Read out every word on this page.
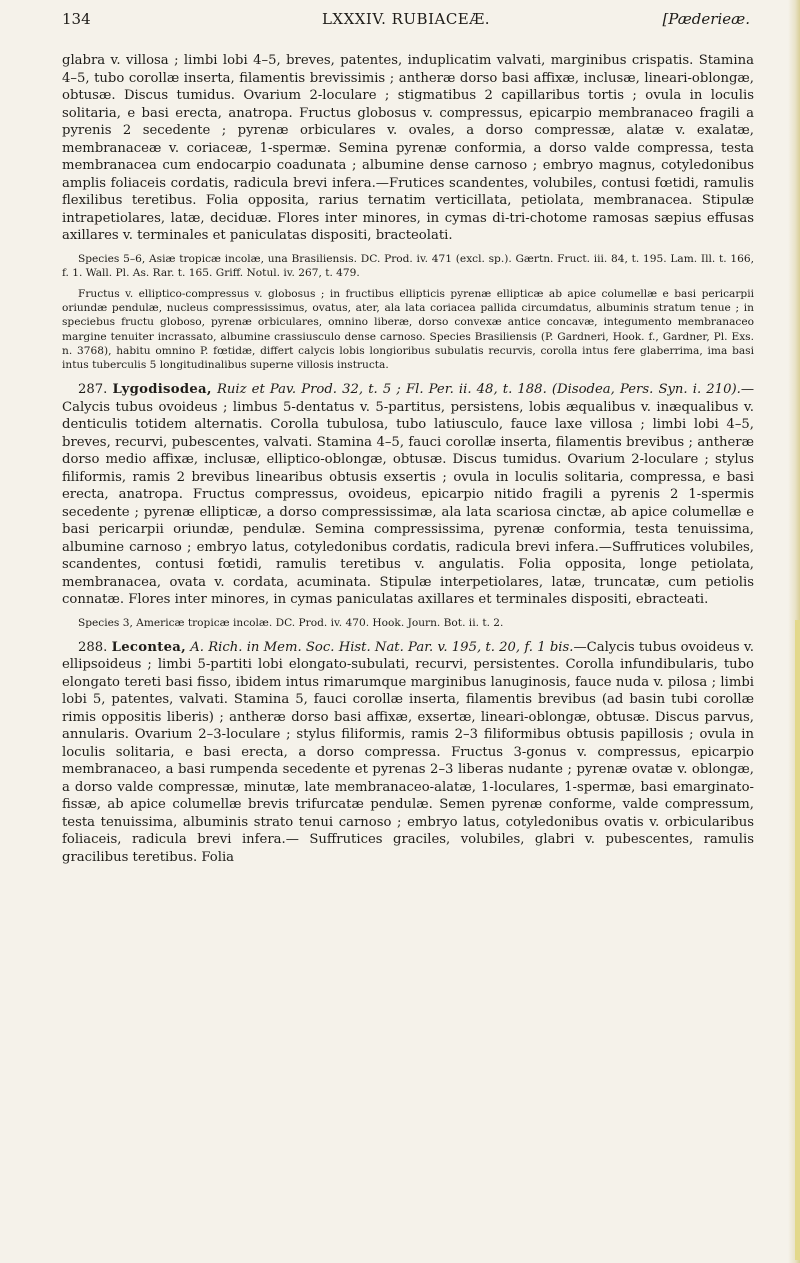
134	LXXXIV. RUBIACEÆ.	[Pæderieæ.

glabra v. villosa ; limbi lobi 4–5, breves, patentes, induplicatim valvati, marginibus crispatis. Stamina 4–5, tubo corollæ inserta, filamentis brevissimis ; antheræ dorso basi affixæ, inclusæ, lineari-oblongæ, obtusæ. Discus tumidus. Ovarium 2-loculare ; stigmatibus 2 capillaribus tortis ; ovula in loculis solitaria, e basi erecta, anatropa. Fructus globosus v. compressus, epicarpio membranaceo fragili a pyrenis 2 secedente ; pyrenæ orbiculares v. ovales, a dorso compressæ, alatæ v. exalatæ, membranaceæ v. coriaceæ, 1-spermæ. Semina pyrenæ conformia, a dorso valde compressa, testa membranacea cum endocarpio coadunata ; albumine dense carnoso ; embryo magnus, cotyledonibus amplis foliaceis cordatis, radicula brevi infera.—Frutices scandentes, volubiles, contusi fœtidi, ramulis flexilibus teretibus. Folia opposita, rarius ternatim verticillata, petiolata, membranacea. Stipulæ intrapetiolares, latæ, deciduæ. Flores inter minores, in cymas di-tri-chotome ramosas sæpius effusas axillares v. terminales et paniculatas dispositi, bracteolati.

Species 5–6, Asiæ tropicæ incolæ, una Brasiliensis. DC. Prod. iv. 471 (excl. sp.). Gærtn. Fruct. iii. 84, t. 195. Lam. Ill. t. 166, f. 1. Wall. Pl. As. Rar. t. 165. Griff. Notul. iv. 267, t. 479.

Fructus v. elliptico-compressus v. globosus ; in fructibus ellipticis pyrenæ ellipticæ ab apice columellæ e basi pericarpii oriundæ pendulæ, nucleus compressissimus, ovatus, ater, ala lata coriacea pallida circumdatus, albuminis stratum tenue ; in speciebus fructu globoso, pyrenæ orbiculares, omnino liberæ, dorso convexæ antice concavæ, integumento membranaceo margine tenuiter incrassato, albumine crassiusculo dense carnoso. Species Brasiliensis (P. Gardneri, Hook. f., Gardner, Pl. Exs. n. 3768), habitu omnino P. fœtidæ, differt calycis lobis longioribus subulatis recurvis, corolla intus fere glaberrima, ima basi intus tuberculis 5 longitudinalibus superne villosis instructa.

287. Lygodisodea, Ruiz et Pav. Prod. 32, t. 5 ; Fl. Per. ii. 48, t. 188. (Disodea, Pers. Syn. i. 210).—Calycis tubus ovoideus ; limbus 5-dentatus v. 5-partitus, persistens, lobis æqualibus v. inæqualibus v. denticulis totidem alternatis. Corolla tubulosa, tubo latiusculo, fauce laxe villosa ; limbi lobi 4–5, breves, recurvi, pubescentes, valvati. Stamina 4–5, fauci corollæ inserta, filamentis brevibus ; antheræ dorso medio affixæ, inclusæ, elliptico-oblongæ, obtusæ. Discus tumidus. Ovarium 2-loculare ; stylus filiformis, ramis 2 brevibus linearibus obtusis exsertis ; ovula in loculis solitaria, compressa, e basi erecta, anatropa. Fructus compressus, ovoideus, epicarpio nitido fragili a pyrenis 2 1-spermis secedente ; pyrenæ ellipticæ, a dorso compressissimæ, ala lata scariosa cinctæ, ab apice columellæ e basi pericarpii oriundæ, pendulæ. Semina compressissima, pyrenæ conformia, testa tenuissima, albumine carnoso ; embryo latus, cotyledonibus cordatis, radicula brevi infera.—Suffrutices volubiles, scandentes, contusi fœtidi, ramulis teretibus v. angulatis. Folia opposita, longe petiolata, membranacea, ovata v. cordata, acuminata. Stipulæ interpetiolares, latæ, truncatæ, cum petiolis connatæ. Flores inter minores, in cymas paniculatas axillares et terminales dispositi, ebracteati.

Species 3, Americæ tropicæ incolæ. DC. Prod. iv. 470. Hook. Journ. Bot. ii. t. 2.

288. Lecontea, A. Rich. in Mem. Soc. Hist. Nat. Par. v. 195, t. 20, f. 1 bis.—Calycis tubus ovoideus v. ellipsoideus ; limbi 5-partiti lobi elongato-subulati, recurvi, persistentes. Corolla infundibularis, tubo elongato tereti basi fisso, ibidem intus rimarumque marginibus lanuginosis, fauce nuda v. pilosa ; limbi lobi 5, patentes, valvati. Stamina 5, fauci corollæ inserta, filamentis brevibus (ad basin tubi corollæ rimis oppositis liberis) ; antheræ dorso basi affixæ, exsertæ, lineari-oblongæ, obtusæ. Discus parvus, annularis. Ovarium 2–3-loculare ; stylus filiformis, ramis 2–3 filiformibus obtusis papillosis ; ovula in loculis solitaria, e basi erecta, a dorso compressa. Fructus 3-gonus v. compressus, epicarpio membranaceo, a basi rumpenda secedente et pyrenas 2–3 liberas nudante ; pyrenæ ovatæ v. oblongæ, a dorso valde compressæ, minutæ, late membranaceo-alatæ, 1-loculares, 1-spermæ, basi emarginato-fissæ, ab apice columellæ brevis trifurcatæ pendulæ. Semen pyrenæ conforme, valde compressum, testa tenuissima, albuminis strato tenui carnoso ; embryo latus, cotyledonibus ovatis v. orbicularibus foliaceis, radicula brevi infera.— Suffrutices graciles, volubiles, glabri v. pubescentes, ramulis gracilibus teretibus. Folia
